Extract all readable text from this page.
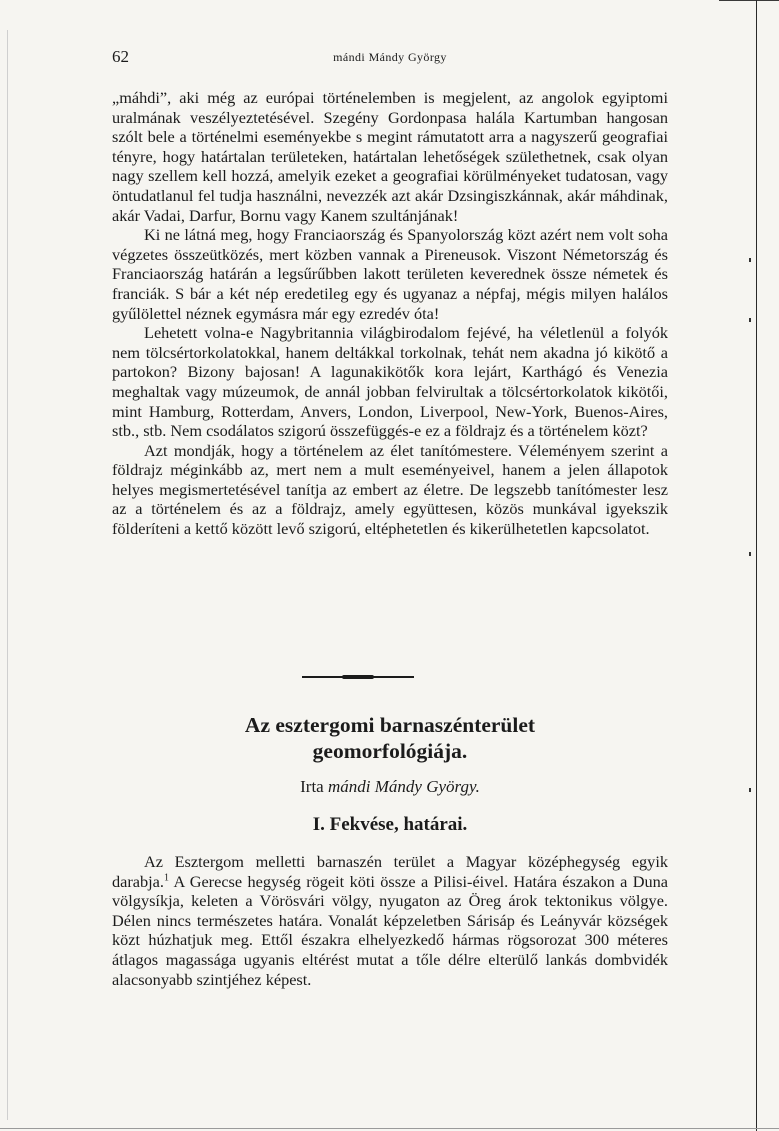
62	mándi Mándy György

„máhdi”, aki még az európai történelemben is megjelent, az angolok egyiptomi uralmának veszélyeztetésével. Szegény Gordonpasa halála Kartumban hangosan szólt bele a történelmi eseményekbe s megint rámutatott arra a nagyszerű geografiai tényre, hogy határtalan területeken, határtalan lehetőségek születhetnek, csak olyan nagy szellem kell hozzá, amelyik ezeket a geografiai körülményeket tudatosan, vagy öntudatlanul fel tudja használni, nevezzék azt akár Dzsingiszkánnak, akár máhdinak, akár Vadai, Darfur, Bornu vagy Kanem szultánjának!

Ki ne látná meg, hogy Franciaország és Spanyolország közt azért nem volt soha végzetes összeütközés, mert közben vannak a Pireneusok. Viszont Németország és Franciaország határán a legsűrűbben lakott területen keverednek össze németek és franciák. S bár a két nép eredetileg egy és ugyanaz a népfaj, mégis milyen halálos gyűlölettel néznek egymásra már egy ezredév óta!

Lehetett volna-e Nagybritannia világbirodalom fejévé, ha véletlenül a folyók nem tölcsértorkolatokkal, hanem deltákkal torkolnak, tehát nem akadna jó kikötő a partokon? Bizony bajosan! A lagunakikötők kora lejárt, Karthágó és Venezia meghaltak vagy múzeumok, de annál jobban felvirultak a tölcsértorkolatok kikötői, mint Hamburg, Rotterdam, Anvers, London, Liverpool, New-York, Buenos-Aires, stb., stb. Nem csodálatos szigorú összefüggés-e ez a földrajz és a történelem közt?

Azt mondják, hogy a történelem az élet tanítómestere. Véleményem szerint a földrajz méginkább az, mert nem a mult eseményeivel, hanem a jelen állapotok helyes megismertetésével tanítja az embert az életre. De legszebb tanítómester lesz az a történelem és az a földrajz, amely együttesen, közös munkával igyekszik földeríteni a kettő között levő szigorú, eltéphetetlen és kikerülhetetlen kapcsolatot.

Az esztergomi barnaszénterület
geomorfológiája.
Irta mándi Mándy György.
I. Fekvése, határai.

Az Esztergom melletti barnaszén terület a Magyar középhegység egyik darabja.$^1$ A Gerecse hegység rögeit köti össze a Pilisi-éivel. Határa északon a Duna völgysíkja, keleten a Vörösvári völgy, nyugaton az Öreg árok tektonikus völgye. Délen nincs természetes határa. Vonalát képzeletben Sárisáp és Leányvár községek közt húzhatjuk meg. Ettől északra elhelyezkedő hármas rögsorozat 300 méteres átlagos magassága ugyanis eltérést mutat a tőle délre elterülő lankás dombvidék alacsonyabb szintjéhez képest.
